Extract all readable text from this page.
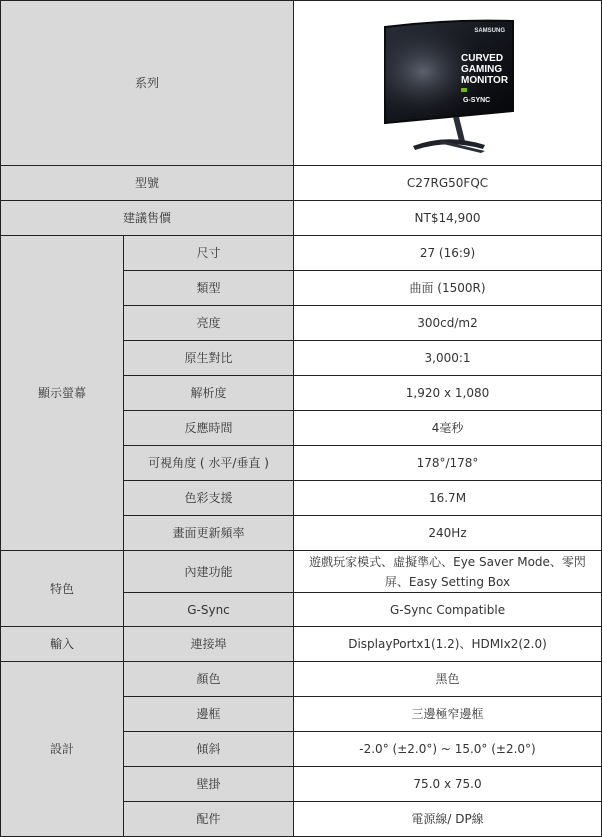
系列		SAMSUNG
CURVED
GAMING
MONITOR
G-SYNC

型號		C27RG50FQC
建議售價		NT$14,900
顯示螢幕	尺寸	27 (16:9)
	類型	曲面 (1500R)
	亮度	300cd/m2
	原生對比	3,000:1
	解析度	1,920 x 1,080
	反應時間	4毫秒
	可視角度 ( 水平/垂直 )	178°/178°
	色彩支援	16.7M
	畫面更新頻率	240Hz
特色	內建功能	遊戲玩家模式、虛擬準心、Eye Saver Mode、零閃屏、Easy Setting Box
	G-Sync	G-Sync Compatible
輸入	連接埠	DisplayPortx1(1.2)、HDMIx2(2.0)
設計	顏色	黑色
	邊框	三邊極窄邊框
	傾斜	-2.0° (±2.0°) ~ 15.0° (±2.0°)
	壁掛	75.0 x 75.0
	配件	電源線/ DP線
